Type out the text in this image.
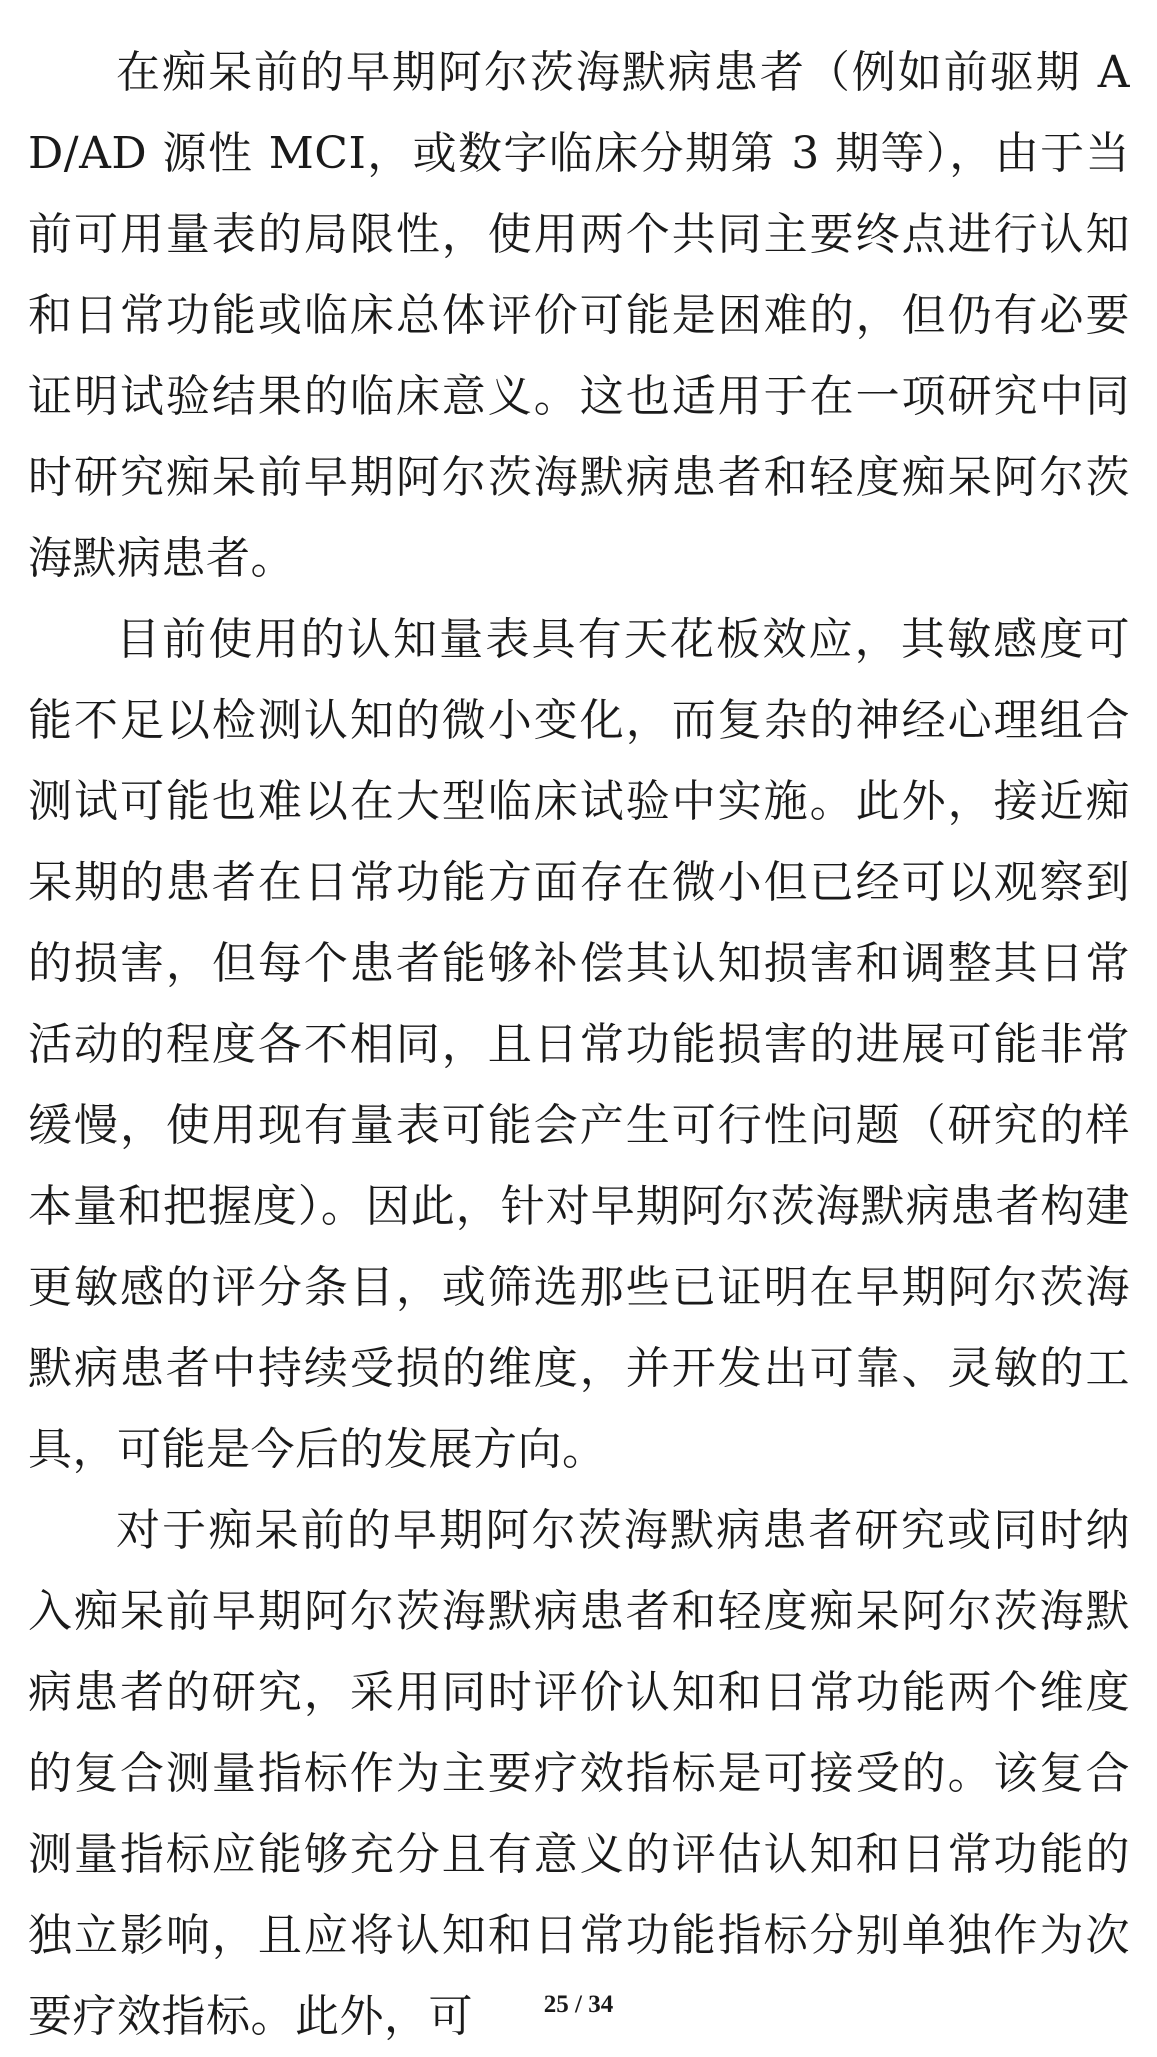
在痴呆前的早期阿尔茨海默病患者（例如前驱期 AD/AD 源性 MCI，或数字临床分期第 3 期等），由于当前可用量表的局限性，使用两个共同主要终点进行认知和日常功能或临床总体评价可能是困难的，但仍有必要证明试验结果的临床意义。这也适用于在一项研究中同时研究痴呆前早期阿尔茨海默病患者和轻度痴呆阿尔茨海默病患者。

目前使用的认知量表具有天花板效应，其敏感度可能不足以检测认知的微小变化，而复杂的神经心理组合测试可能也难以在大型临床试验中实施。此外，接近痴呆期的患者在日常功能方面存在微小但已经可以观察到的损害，但每个患者能够补偿其认知损害和调整其日常活动的程度各不相同，且日常功能损害的进展可能非常缓慢，使用现有量表可能会产生可行性问题（研究的样本量和把握度）。因此，针对早期阿尔茨海默病患者构建更敏感的评分条目，或筛选那些已证明在早期阿尔茨海默病患者中持续受损的维度，并开发出可靠、灵敏的工具，可能是今后的发展方向。

对于痴呆前的早期阿尔茨海默病患者研究或同时纳入痴呆前早期阿尔茨海默病患者和轻度痴呆阿尔茨海默病患者的研究，采用同时评价认知和日常功能两个维度的复合测量指标作为主要疗效指标是可接受的。该复合测量指标应能够充分且有意义的评估认知和日常功能的独立影响，且应将认知和日常功能指标分别单独作为次要疗效指标。此外，可	25 / 34
